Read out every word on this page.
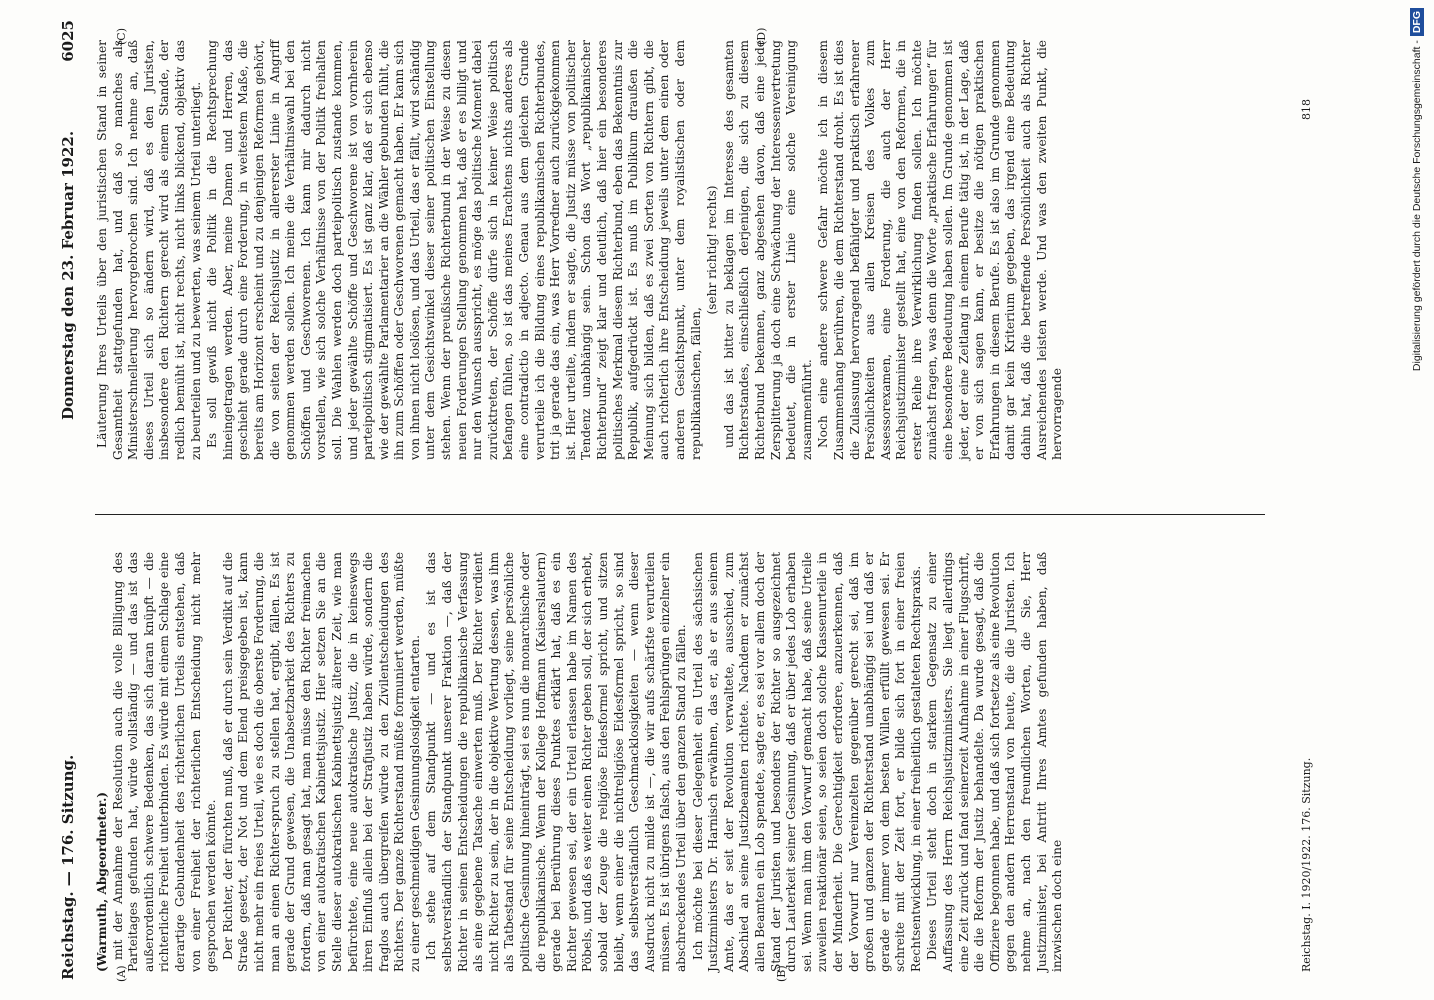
Reichstag. — 176. Sitzung.
Donnerstag den 23. Februar 1922.
6025
(A)	(B)
(C)	(D)
(Warmuth, Abgeordneter.) mit der Annahme der Resolution auch die volle Billigung des Parteitages gefunden hat, würde vollständig — und das ist das außerordentlich schwere Bedenken, das sich daran knüpft — die richterliche Freiheit unterbinden. Es würde mit einem Schlage eine derartige Gebundenheit des richterlichen Urteils entstehen, daß von einer Freiheit der richterlichen Entscheidung nicht mehr gesprochen werden könnte. Der Richter, der fürchten muß, daß er durch sein Verdikt auf die Straße gesetzt, der Not und dem Elend preisgegeben ist, kann nicht mehr ein freies Urteil, wie es doch die oberste Forderung, die man an einen Richter-spruch zu stellen hat, ergibt, fällen. Es ist gerade der Grund gewesen, die Unabsetzbarkeit des Richters zu fordern, daß man gesagt hat, man müsse den Richter freimachen von einer autokratischen Kabinettsjustiz. Hier setzen Sie an die Stelle dieser autokratischen Kabinettsjustiz älterer Zeit, wie man befürchtete, eine neue autokratische Justiz, die in keineswegs ihren Einfluß allein bei der Strafjustiz haben würde, sondern die fraglos auch übergreifen würde zu den Zivilentscheidungen des Richters. Der ganze Richterstand müßte formuniert werden, müßte zu einer geschmeidigen Gesinnungslosigkeit entarten. Ich stehe auf dem Standpunkt — und es ist das selbstverständlich der Standpunkt unserer Fraktion —, daß der Richter in seinen Entscheidungen die republikanische Verfassung als eine gegebene Tatsache einwerten muß. Der Richter verdient nicht Richter zu sein, der in die objektive Wertung dessen, was ihm als Tatbestand für seine Entscheidung vorliegt, seine persönliche politische Gesinnung hineinträgt, sei es nun die monarchische oder die republikanische. Wenn der Kollege Hoffmann (Kaiserslautern) gerade bei Berührung dieses Punktes erklärt hat, daß es ein Richter gewesen sei, der ein Urteil erlassen habe im Namen des Pöbels, und daß es weiter einen Richter geben soll, der sich erhebt, sobald der Zeuge die religiöse Eidesformel spricht, und sitzen bleibt, wenn einer die nichtreligiöse Eidesformel spricht, so sind das selbstverständlich Geschmacklosigkeiten — wenn dieser Ausdruck nicht zu milde ist —, die wir aufs schärfste verurteilen müssen. Es ist übrigens falsch, aus den Fehlsprüngen einzelner ein abschreckendes Urteil über den ganzen Stand zu fällen. Ich möchte bei dieser Gelegenheit ein Urteil des sächsischen Justizministers Dr. Harnisch erwähnen, das er, als er aus seinem Amte, das er seit der Revolution verwaltete, ausschied, zum Abschied an seine Justizbeamten richtete. Nachdem er zunächst allen Beamten ein Lob spendete, sagte er, es sei vor allem doch der Stand der Juristen und besonders der Richter so ausgezeichnet durch Lauterkeit seiner Gesinnung, daß er über jedes Lob erhaben sei. Wenn man ihm den Vorwurf gemacht habe, daß seine Urteile zuweilen reaktionär seien, so seien doch solche Klassenurteile in der Minderheit. Die Gerechtigkeit erfordere, anzuerkennen, daß der Vorwurf nur Vereinzelten gegenüber gerecht sei, daß im großen und ganzen der Richterstand unabhängig sei und daß er gerade er immer von dem besten Willen erfüllt gewesen sei. Er schreite mit der Zeit fort, er bilde sich fort in einer freien Rechtsentwicklung, in einer freiheitlich gestalteten Rechtspraxis. Dieses Urteil steht doch in starkem Gegensatz zu einer Auffassung des Herrn Reichsjustizministers. Sie liegt allerdings eine Zeit zurück und fand seinerzeit Aufnahme in einer Flugschrift, die die Reform der Justiz behandelte. Da wurde gesagt, daß die Offiziere begonnen habe, und daß sich fortsetze als eine Revolution gegen den andern Herrenstand von heute, die die Juristen. Ich nehme an, nach den freundlichen Worten, die Sie, Herr Justizminister, bei Antritt Ihres Amtes gefunden haben, daß inzwischen doch eine

Läuterung Ihres Urteils über den juristischen Stand in seiner Gesamtheit stattgefunden hat, und daß so manches als Ministerschnellerung hervorgebrochen sind. Ich nehme an, daß dieses Urteil sich so ändern wird, daß es den Juristen, insbesondere den Richtern gerecht wird als einem Stande, der redlich bemüht ist, nicht rechts, nicht links blickend, objektiv das zu beurteilen und zu bewerten, was seinem Urteil unterliegt. Es soll gewiß nicht die Politik in die Rechtsprechung hineingetragen werden. Aber, meine Damen und Herren, das geschieht gerade durch eine Forderung, in weitestem Maße, die bereits am Horizont erscheint und zu denjenigen Reformen gehört, die von seiten der Reichsjustiz in allererster Linie in Angriff genommen werden sollen. Ich meine die Verhältniswahl bei den Schöffen und Geschworenen. Ich kann mir dadurch nicht vorstellen, wie sich solche Verhältnisse von der Politik freihalten soll. Die Wahlen werden doch parteipolitisch zustande kommen, und jeder gewählte Schöffe und Geschworene ist von vornherein parteipolitisch stigmatisiert. Es ist ganz klar, daß er sich ebenso wie der gewählte Parlamentarier an die Wähler gebunden fühlt, die ihn zum Schöffen oder Geschworenen gemacht haben. Er kann sich von ihnen nicht loslösen, und das Urteil, das er fällt, wird schändig unter dem Gesichtswinkel dieser seiner politischen Einstellung stehen. Wenn der preußische Richterbund in der Weise zu diesen neuen Forderungen Stellung genommen hat, daß er es billigt und nur den Wunsch ausspricht, es möge das politische Moment dabei zurücktreten, der Schöffe dürfe sich in keiner Weise politisch befangen fühlen, so ist das meines Erachtens nichts anderes als eine contradictio in adjecto. Genau aus dem gleichen Grunde verurteile ich die Bildung eines republikanischen Richterbundes, trit ja gerade das ein, was Herr Vorredner auch zurückgekommen ist. Hier urteilte, indem er sagte, die Justiz müsse von politischer Tendenz unabhängig sein. Schon das Wort „republikanischer Richterbund“ zeigt klar und deutlich, daß hier ein besonderes politisches Merkmal diesem Richterbund, eben das Bekenntnis zur Republik, aufgedrückt ist. Es muß im Publikum draußen die Meinung sich bilden, daß es zwei Sorten von Richtern gibt, die auch richterlich ihre Entscheidung jeweils unter dem einen oder anderen Gesichtspunkt, unter dem royalistischen oder dem republikanischen, fällen,

(sehr richtig! rechts) und das ist bitter zu beklagen im Interesse des gesamten Richterstandes, einschließlich derjenigen, die sich zu diesem Richterbund bekennen, ganz abgesehen davon, daß eine jede Zersplitterung ja doch eine Schwächung der Interessenvertretung bedeutet, die in erster Linie eine solche Vereinigung zusammenführt. Noch eine andere schwere Gefahr möchte ich in diesem Zusammenhang berühren, die dem Richterstand droht. Es ist dies die Zulassung hervorragend befähigter und praktisch erfahrener Persönlichkeiten aus allen Kreisen des Volkes zum Assessorexamen, eine Forderung, die auch der Herr Reichsjustizminister gestellt hat, eine von den Reformen, die in erster Reihe ihre Verwirklichung finden sollen. Ich möchte zunächst fragen, was denn die Worte „praktische Erfahrungen“ für eine besondere Bedeutung haben sollen. Im Grunde genommen ist jeder, der eine Zeitlang in einem Berufe tätig ist, in der Lage, daß er von sich sagen kann, er besitze die nötigen praktischen Erfahrungen in diesem Berufe. Es ist also im Grunde genommen damit gar kein Kriterium gegeben, das irgend eine Bedeutung dahin hat, daß die betreffende Persönlichkeit auch als Richter Ausreichendes leisten werde. Und was den zweiten Punkt, die hervorragende

Reichstag. I. 1920/1922. 176. Sitzung.
818	Digitalisierung gefördert durch die Deutsche Forschungsgemeinschaft -DFG
